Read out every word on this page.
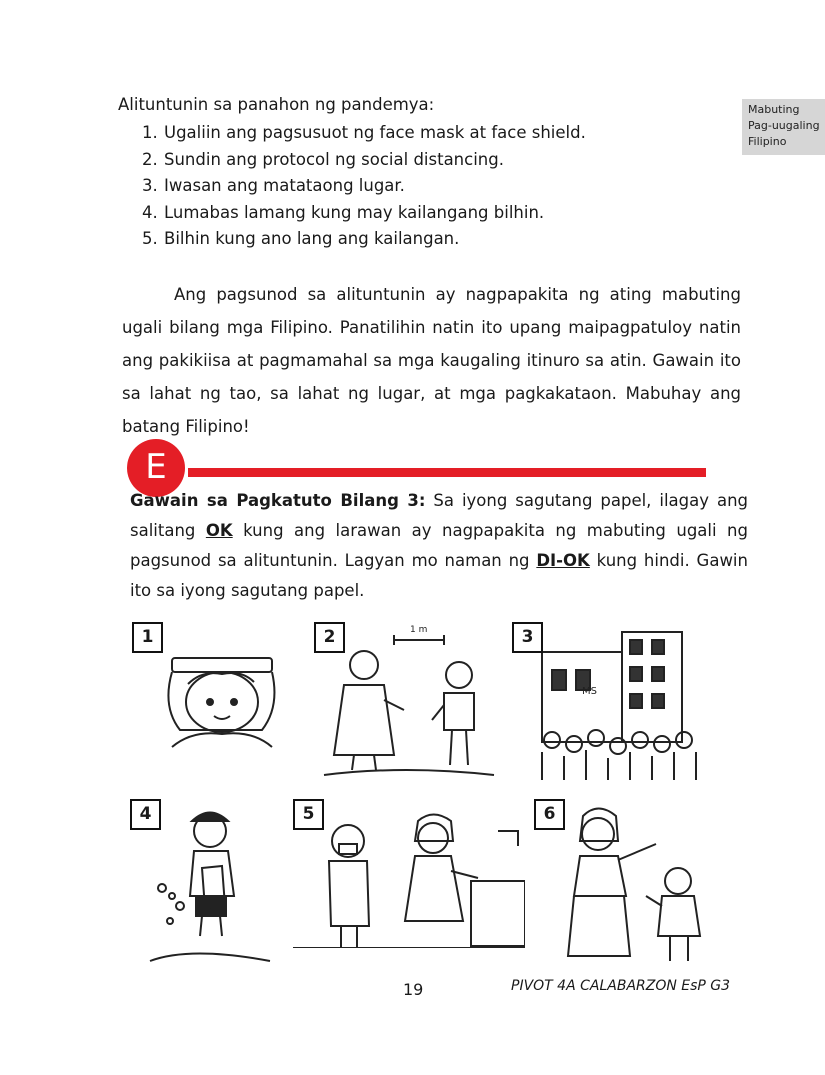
Mabuting
Pag-uugaling
Filipino
Alituntunin sa panahon ng pandemya:
1. Ugaliin ang pagsusuot ng face mask at face shield.
2. Sundin ang protocol ng social distancing.
3. Iwasan ang matataong lugar.
4. Lumabas lamang kung may kailangang bilhin.
5. Bilhin kung ano lang ang kailangan.

Ang pagsunod sa alituntunin ay nagpapakita ng ating mabuting ugali bilang mga Filipino. Panatilihin natin ito upang maipagpatuloy natin ang pakikiisa at pagmamahal sa mga kaugaling itinuro sa atin. Gawain ito sa lahat ng tao, sa lahat ng lugar, at mga pagkakataon. Mabuhay ang batang Filipino!

E

Gawain sa Pagkatuto Bilang 3: Sa iyong sagutang papel, ilagay ang salitang OK kung ang larawan ay nagpapakita ng mabuting ugali ng pagsunod sa alituntunin. Lagyan mo naman ng DI-OK kung hindi. Gawin ito sa iyong sagutang papel.

1	1 m
2
MS
3
4	5	6
19	PIVOT 4A CALABARZON EsP G3
